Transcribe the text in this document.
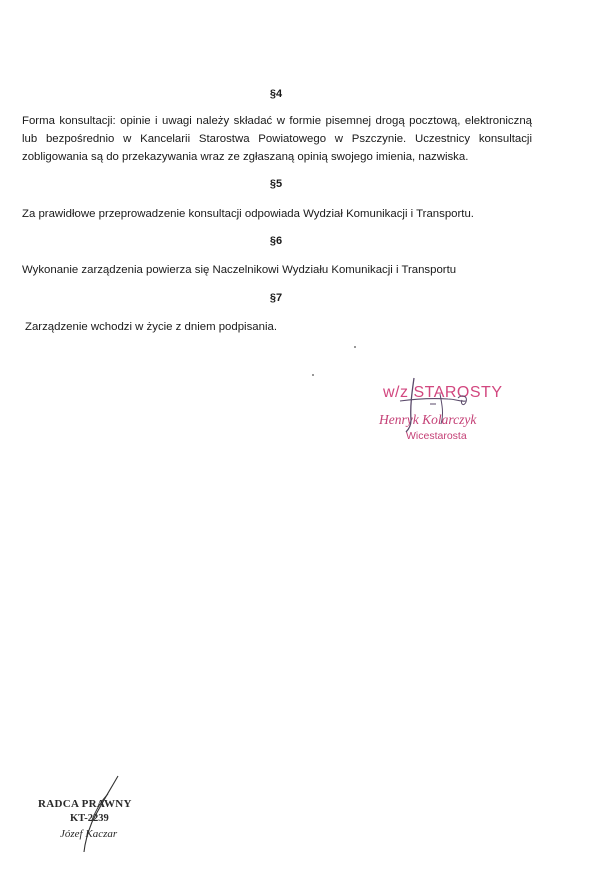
§4
Forma konsultacji: opinie i uwagi należy składać w formie pisemnej drogą pocztową, elektroniczną lub bezpośrednio w Kancelarii Starostwa Powiatowego w Pszczynie. Uczestnicy konsultacji zobligowania są do przekazywania wraz ze zgłaszaną opinią swojego imienia, nazwiska.
§5
Za prawidłowe przeprowadzenie konsultacji odpowiada Wydział Komunikacji i Transportu.
§6
Wykonanie zarządzenia powierza się Naczelnikowi Wydziału Komunikacji i Transportu
§7
Zarządzenie wchodzi w życie z dniem podpisania.
w/z STAROSTY
Henryk Kolarczyk
Wicestarosta
RADCA PRAWNY
KT-2239
Józef Kaczar
